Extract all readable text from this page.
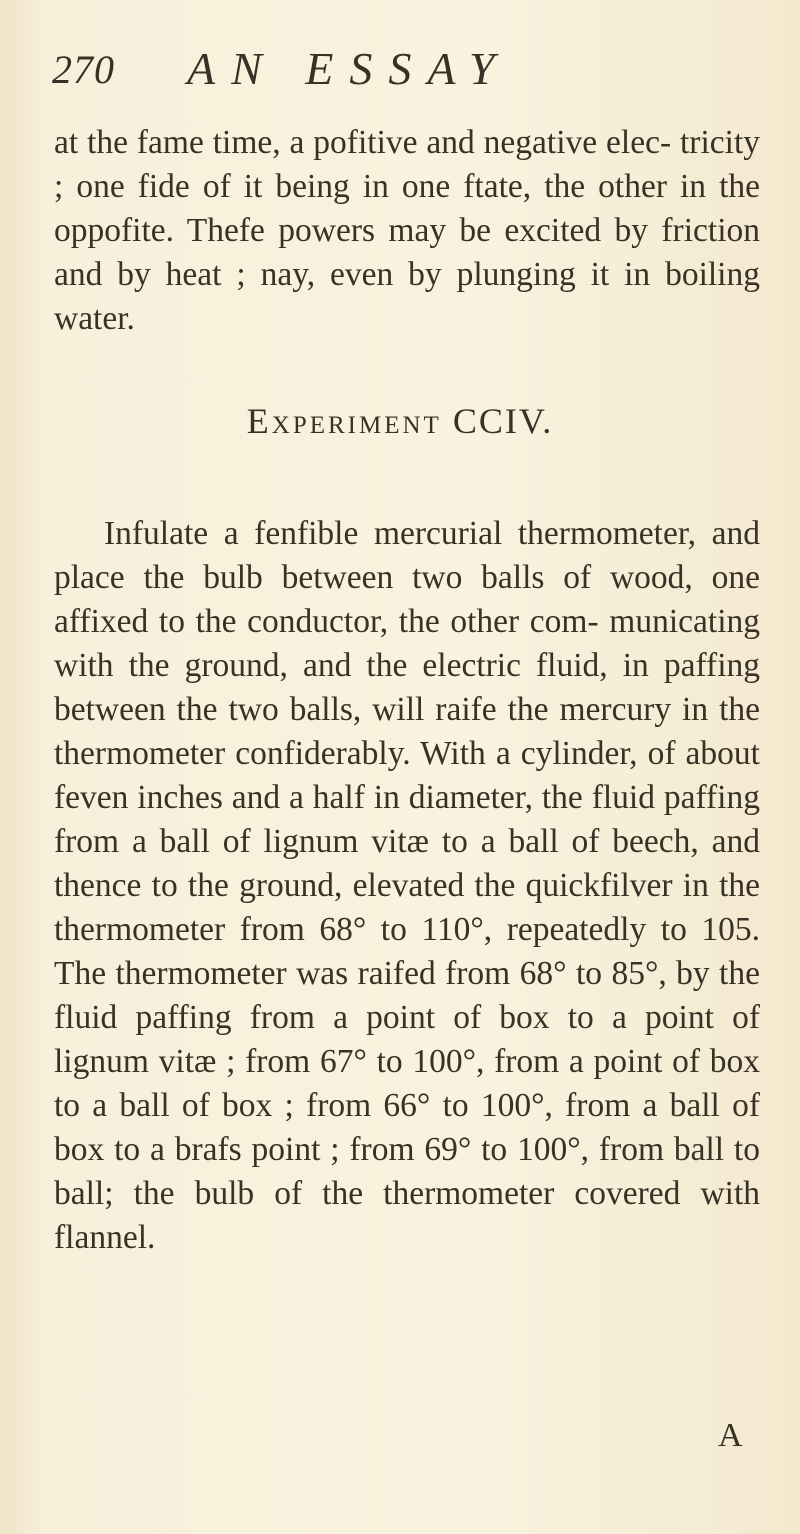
270 AN ESSAY

at the fame time, a pofitive and negative elec- tricity ; one fide of it being in one ftate, the other in the oppofite. Thefe powers may be excited by friction and by heat ; nay, even by plunging it in boiling water.

Experiment CCIV.

Infulate a fenfible mercurial thermometer, and place the bulb between two balls of wood, one affixed to the conductor, the other com- municating with the ground, and the electric fluid, in paffing between the two balls, will raife the mercury in the thermometer confiderably. With a cylinder, of about feven inches and a half in diameter, the fluid paffing from a ball of lignum vitæ to a ball of beech, and thence to the ground, elevated the quickfilver in the thermometer from 68° to 110°, repeatedly to 105. The thermometer was raifed from 68° to 85°, by the fluid paffing from a point of box to a point of lignum vitæ ; from 67° to 100°, from a point of box to a ball of box ; from 66° to 100°, from a ball of box to a brafs point ; from 69° to 100°, from ball to ball; the bulb of the thermometer covered with flannel.

A
